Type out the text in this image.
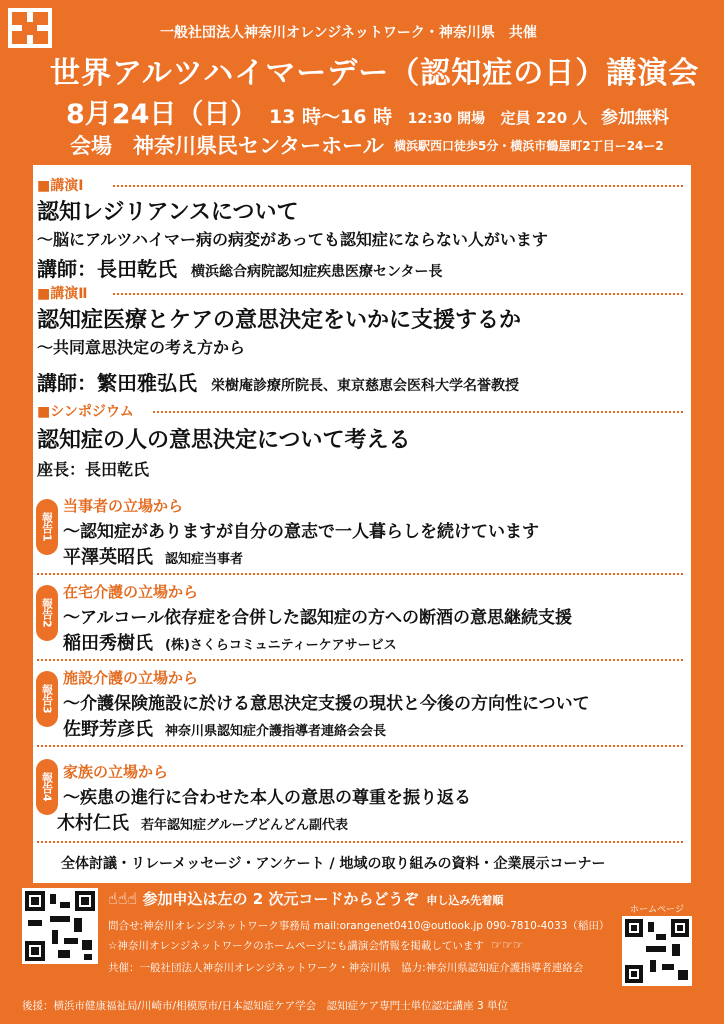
一般社団法人神奈川オレンジネットワーク・神奈川県　共催
世界アルツハイマーデー（認知症の日）講演会
8月24日（日） 13 時〜16 時 12:30 開場 定員 220 人 参加無料
会場　神奈川県民センターホール 横浜駅西口徒歩5分・横浜市鶴屋町2丁目ー24ー2
■講演Ⅰ
認知レジリアンスについて
〜脳にアルツハイマー病の病変があっても認知症にならない人がいます
講師：長田乾氏 横浜総合病院認知症疾患医療センター長
■講演Ⅱ
認知症医療とケアの意思決定をいかに支援するか
〜共同意思決定の考え方から
講師：繁田雅弘氏 栄樹庵診療所院長、東京慈恵会医科大学名誉教授
■シンポジウム
認知症の人の意思決定について考える
座長：長田乾氏
報告1
当事者の立場から
〜認知症がありますが自分の意志で一人暮らしを続けています
平澤英昭氏 認知症当事者
報告2
在宅介護の立場から
〜アルコール依存症を合併した認知症の方への断酒の意思継続支援
稲田秀樹氏 (株)さくらコミュニティーケアサービス
報告3
施設介護の立場から
〜介護保険施設に於ける意思決定支援の現状と今後の方向性について
佐野芳彦氏 神奈川県認知症介護指導者連絡会会長
報告4
家族の立場から
〜疾患の進行に合わせた本人の意思の尊重を振り返る
木村仁氏 若年認知症グループどんどん副代表
全体討議・リレーメッセージ・アンケート / 地域の取り組みの資料・企業展示コーナー
ホームページ
☝☝☝ 参加申込は左の 2 次元コードからどうぞ 申し込み先着順
問合せ:神奈川オレンジネットワーク事務局 mail:orangenet0410@outlook.jp 090-7810-4033（稲田）
☆神奈川オレンジネットワークのホームページにも講演会情報を掲載しています ☞☞☞
共催：一般社団法人神奈川オレンジネットワーク・神奈川県　協力:神奈川県認知症介護指導者連絡会
後援：横浜市健康福祉局/川崎市/相模原市/日本認知症ケア学会　認知症ケア専門士単位認定講座 3 単位
